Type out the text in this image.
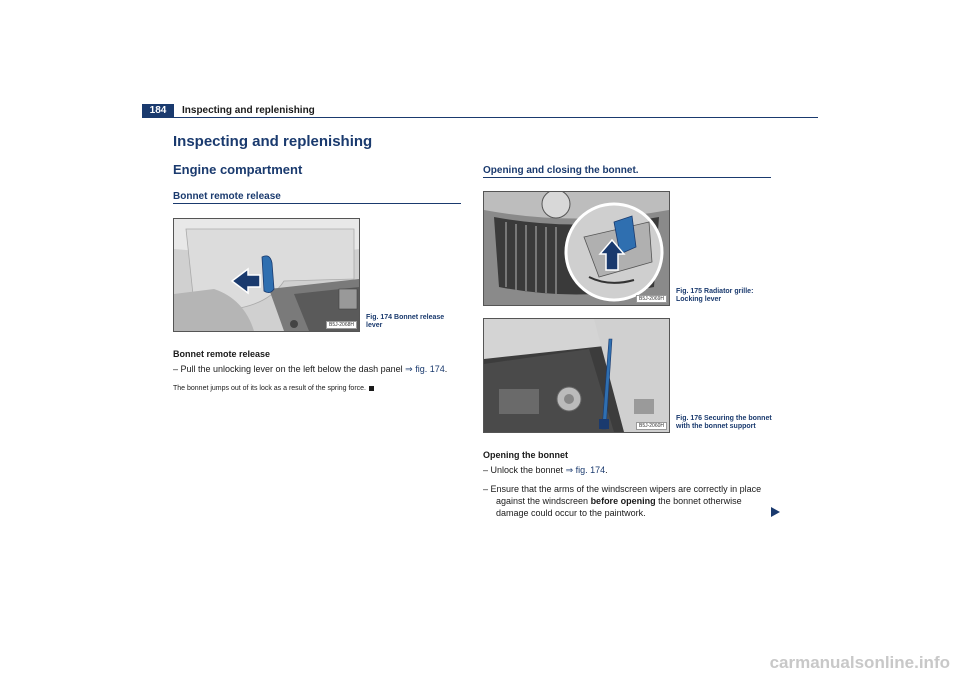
184	Inspecting and replenishing
Inspecting and replenishing
Engine compartment
Bonnet remote release
B5J-2068H
Fig. 174 Bonnet release
lever
Bonnet remote release
– Pull the unlocking lever on the left below the dash panel ⇒ fig. 174.
The bonnet jumps out of its lock as a result of the spring force.
Opening and closing the bonnet.
B5J-2069H
Fig. 175 Radiator grille:
Locking lever
B5J-2060H
Fig. 176 Securing the bonnet
with the bonnet support
Opening the bonnet
– Unlock the bonnet ⇒ fig. 174.
– Ensure that the arms of the windscreen wipers are correctly in place
against the windscreen before opening the bonnet otherwise
damage could occur to the paintwork.
carmanualsonline.info
